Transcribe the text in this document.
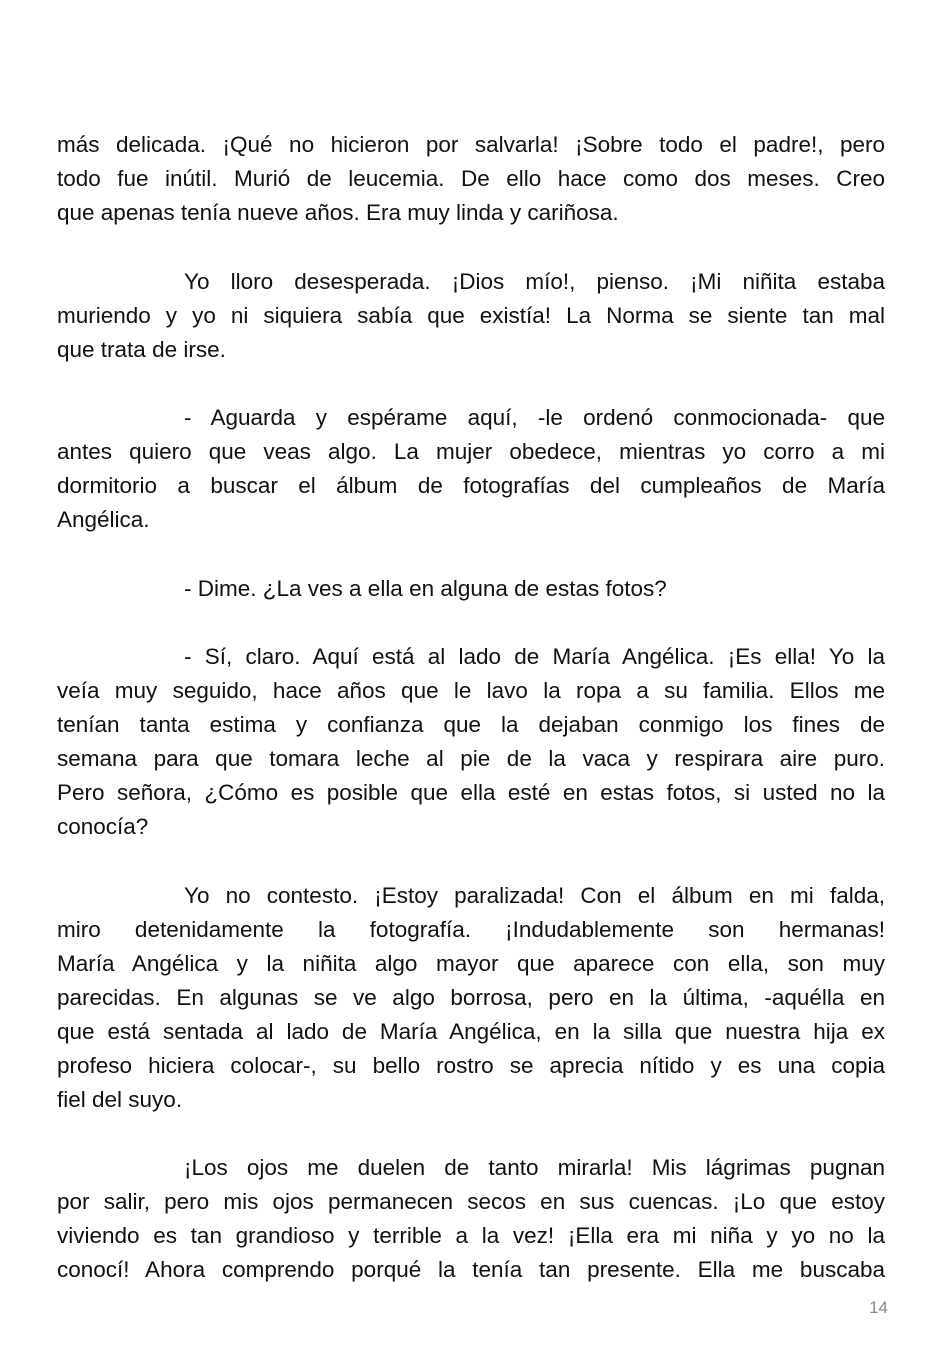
más delicada. ¡Qué no hicieron por salvarla! ¡Sobre todo el padre!, pero
todo fue inútil. Murió de leucemia. De ello hace como dos meses. Creo
que apenas tenía nueve años. Era muy linda y cariñosa.
Yo lloro desesperada. ¡Dios mío!, pienso. ¡Mi niñita estaba
muriendo y yo ni siquiera sabía que existía! La Norma se siente tan mal
que trata de irse.
- Aguarda y espérame aquí, -le ordenó conmocionada- que
antes quiero que veas algo. La mujer obedece, mientras yo corro a mi
dormitorio a buscar el álbum de fotografías del cumpleaños de María
Angélica.
- Dime. ¿La ves a ella en alguna de estas fotos?
- Sí, claro. Aquí está al lado de María Angélica. ¡Es ella! Yo la
veía muy seguido, hace años que le lavo la ropa a su familia. Ellos me
tenían tanta estima y confianza que la dejaban conmigo los fines de
semana para que tomara leche al pie de la vaca y respirara aire puro.
Pero señora, ¿Cómo es posible que ella esté en estas fotos, si usted no la
conocía?
Yo no contesto. ¡Estoy paralizada! Con el álbum en mi falda,
miro detenidamente la fotografía. ¡Indudablemente son hermanas!
María Angélica y la niñita algo mayor que aparece con ella, son muy
parecidas. En algunas se ve algo borrosa, pero en la última, -aquélla en
que está sentada al lado de María Angélica, en la silla que nuestra hija ex
profeso hiciera colocar-, su bello rostro se aprecia nítido y es una copia
fiel del suyo.
¡Los ojos me duelen de tanto mirarla! Mis lágrimas pugnan
por salir, pero mis ojos permanecen secos en sus cuencas. ¡Lo que estoy
viviendo es tan grandioso y terrible a la vez! ¡Ella era mi niña y yo no la
conocí! Ahora comprendo porqué la tenía tan presente. Ella me buscaba
14
